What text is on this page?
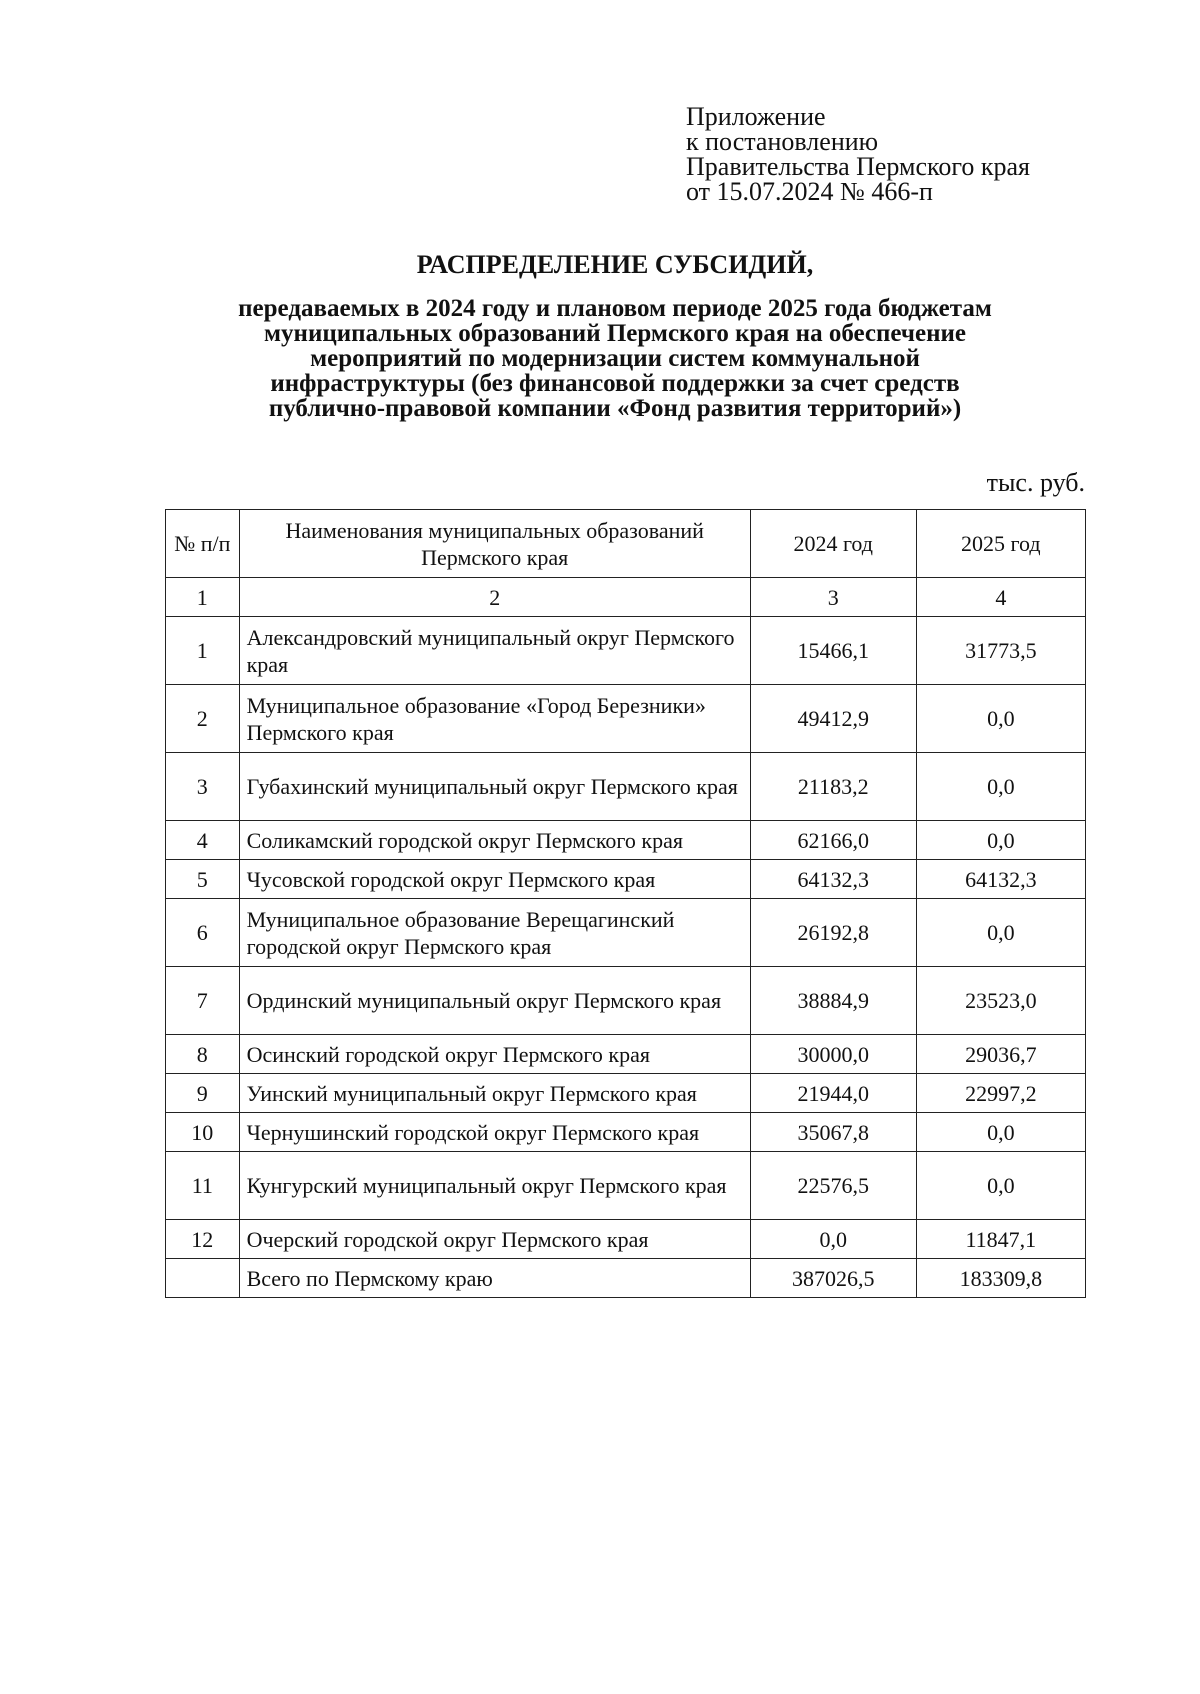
Приложение
к постановлению
Правительства Пермского края
от 15.07.2024 № 466-п
РАСПРЕДЕЛЕНИЕ СУБСИДИЙ,
передаваемых в 2024 году и плановом периоде 2025 года бюджетам
муниципальных образований Пермского края на обеспечение
мероприятий по модернизации систем коммунальной
инфраструктуры (без финансовой поддержки за счет средств
публично-правовой компании «Фонд развития территорий»)
тыс. руб.
№ п/п	Наименования муниципальных образований Пермского края	2024 год	2025 год
1	2	3	4
1	Александровский муниципальный округ Пермского края	15466,1	31773,5
2	Муниципальное образование «Город Березники» Пермского края	49412,9	0,0
3	Губахинский муниципальный округ Пермского края	21183,2	0,0
4	Соликамский городской округ Пермского края	62166,0	0,0
5	Чусовской городской округ Пермского края	64132,3	64132,3
6	Муниципальное образование Верещагинский городской округ Пермского края	26192,8	0,0
7	Ординский муниципальный округ Пермского края	38884,9	23523,0
8	Осинский городской округ Пермского края	30000,0	29036,7
9	Уинский муниципальный округ Пермского края	21944,0	22997,2
10	Чернушинский городской округ Пермского края	35067,8	0,0
11	Кунгурский муниципальный округ Пермского края	22576,5	0,0
12	Очерский городской округ Пермского края	0,0	11847,1
	Всего по Пермскому краю	387026,5	183309,8
